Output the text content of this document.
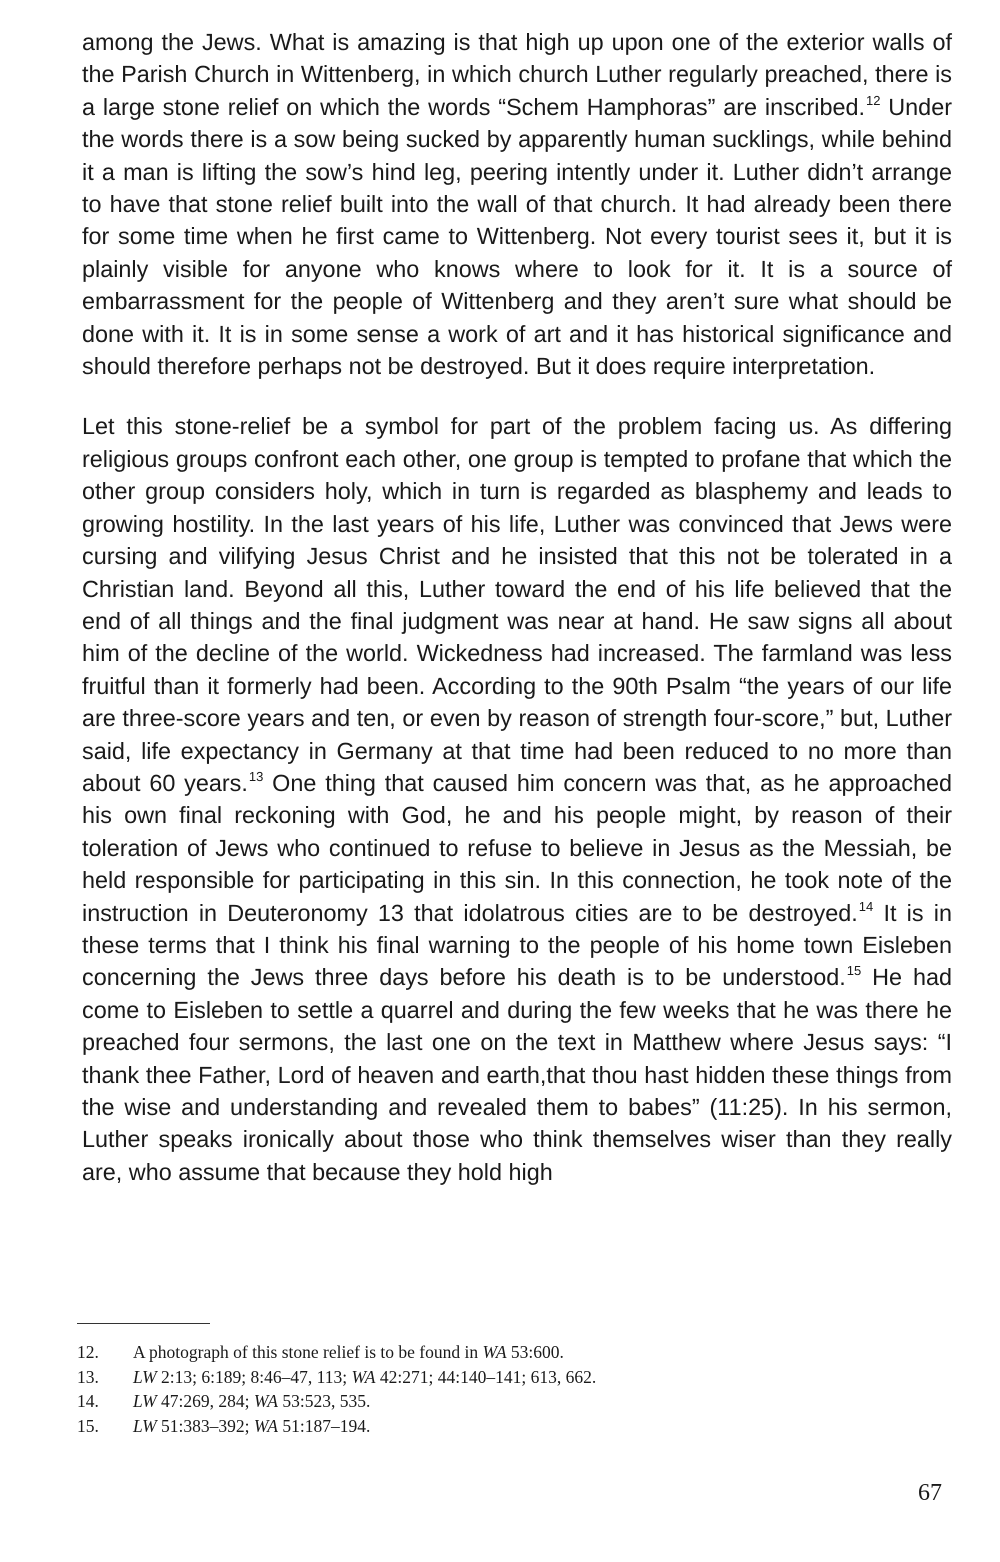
among the Jews. What is amazing is that high up upon one of the exterior walls of the Parish Church in Wittenberg, in which church Luther regularly preached, there is a large stone relief on which the words “Schem Hamphoras” are inscribed.$^{12}$ Under the words there is a sow being sucked by apparently human sucklings, while behind it a man is lifting the sow’s hind leg, peering intently under it. Luther didn’t arrange to have that stone relief built into the wall of that church. It had already been there for some time when he first came to Wittenberg. Not every tourist sees it, but it is plainly visible for anyone who knows where to look for it. It is a source of embarrassment for the people of Wittenberg and they aren’t sure what should be done with it. It is in some sense a work of art and it has historical significance and should therefore perhaps not be destroyed. But it does require interpretation.

Let this stone-relief be a symbol for part of the problem facing us. As differing religious groups confront each other, one group is tempted to profane that which the other group considers holy, which in turn is regarded as blasphemy and leads to growing hostility. In the last years of his life, Luther was convinced that Jews were cursing and vilifying Jesus Christ and he insisted that this not be tolerated in a Christian land. Beyond all this, Luther toward the end of his life believed that the end of all things and the final judgment was near at hand. He saw signs all about him of the decline of the world. Wickedness had increased. The farmland was less fruitful than it formerly had been. According to the 90th Psalm “the years of our life are three-score years and ten, or even by reason of strength four-score,” but, Luther said, life expectancy in Germany at that time had been reduced to no more than about 60 years.$^{13}$ One thing that caused him concern was that, as he approached his own final reckoning with God, he and his people might, by reason of their toleration of Jews who continued to refuse to believe in Jesus as the Messiah, be held responsible for participating in this sin. In this connection, he took note of the instruction in Deuteronomy 13 that idolatrous cities are to be destroyed.$^{14}$ It is in these terms that I think his final warning to the people of his home town Eisleben concerning the Jews three days before his death is to be understood.$^{15}$ He had come to Eisleben to settle a quarrel and during the few weeks that he was there he preached four sermons, the last one on the text in Matthew where Jesus says: “I thank thee Father, Lord of heaven and earth,that thou hast hidden these things from the wise and understanding and revealed them to babes” (11:25). In his sermon, Luther speaks ironically about those who think themselves wiser than they really are, who assume that because they hold high

12.	A photograph of this stone relief is to be found in WA 53:600.
13.	LW 2:13; 6:189; 8:46–47, 113; WA 42:271; 44:140–141; 613, 662.
14.	LW 47:269, 284; WA 53:523, 535.
15.	LW 51:383–392; WA 51:187–194.
67
